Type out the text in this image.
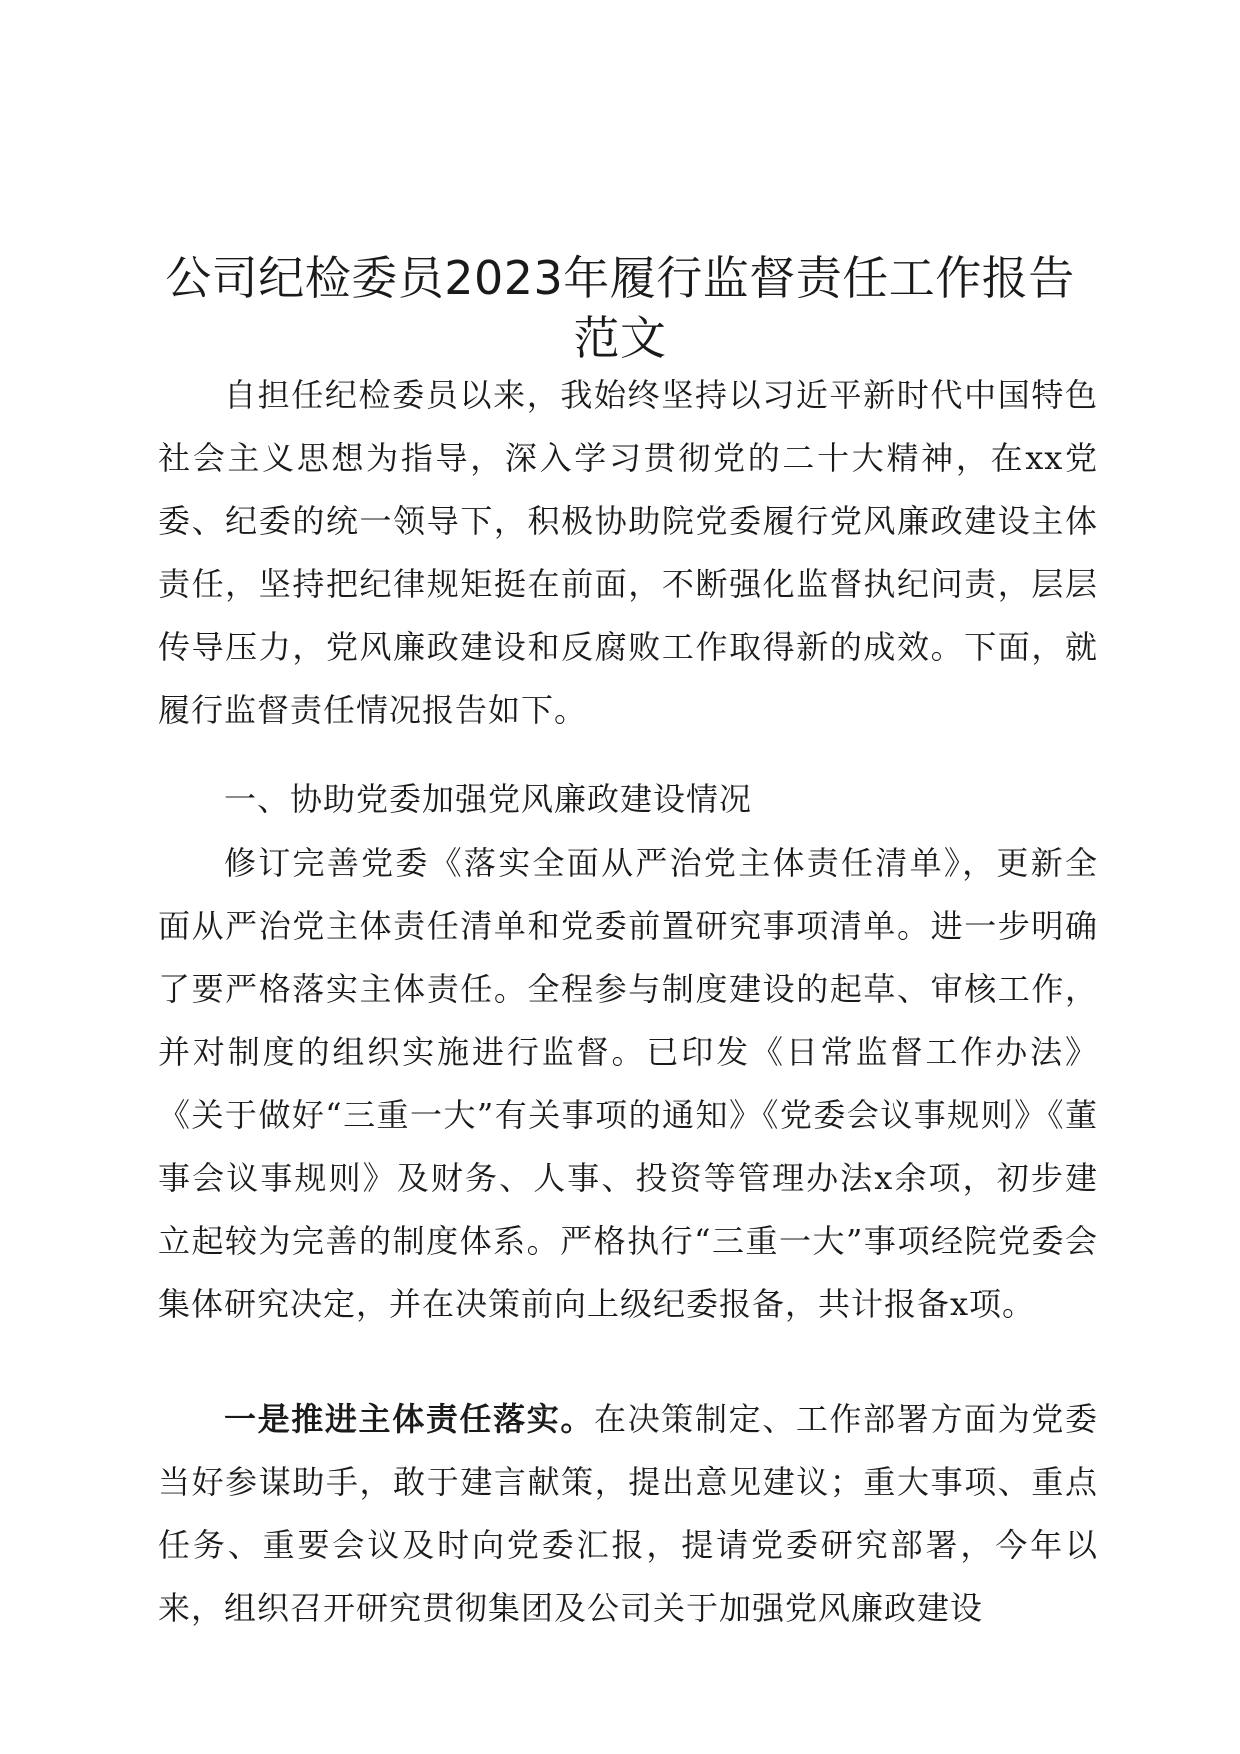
公司纪检委员2023年履行监督责任工作报告
范文

自担任纪检委员以来，我始终坚持以习近平新时代中国特色社会主义思想为指导，深入学习贯彻党的二十大精神，在xx党委、纪委的统一领导下，积极协助院党委履行党风廉政建设主体责任，坚持把纪律规矩挺在前面，不断强化监督执纪问责，层层传导压力，党风廉政建设和反腐败工作取得新的成效。下面，就履行监督责任情况报告如下。

一、协助党委加强党风廉政建设情况

修订完善党委《落实全面从严治党主体责任清单》，更新全面从严治党主体责任清单和党委前置研究事项清单。进一步明确了要严格落实主体责任。全程参与制度建设的起草、审核工作，并对制度的组织实施进行监督。已印发《日常监督工作办法》《关于做好“三重一大”有关事项的通知》《党委会议事规则》《董事会议事规则》及财务、人事、投资等管理办法x余项，初步建立起较为完善的制度体系。严格执行“三重一大”事项经院党委会集体研究决定，并在决策前向上级纪委报备，共计报备x项。

一是推进主体责任落实。在决策制定、工作部署方面为党委当好参谋助手，敢于建言献策，提出意见建议；重大事项、重点任务、重要会议及时向党委汇报，提请党委研究部署，今年以来，组织召开研究贯彻集团及公司关于加强党风廉政建设
